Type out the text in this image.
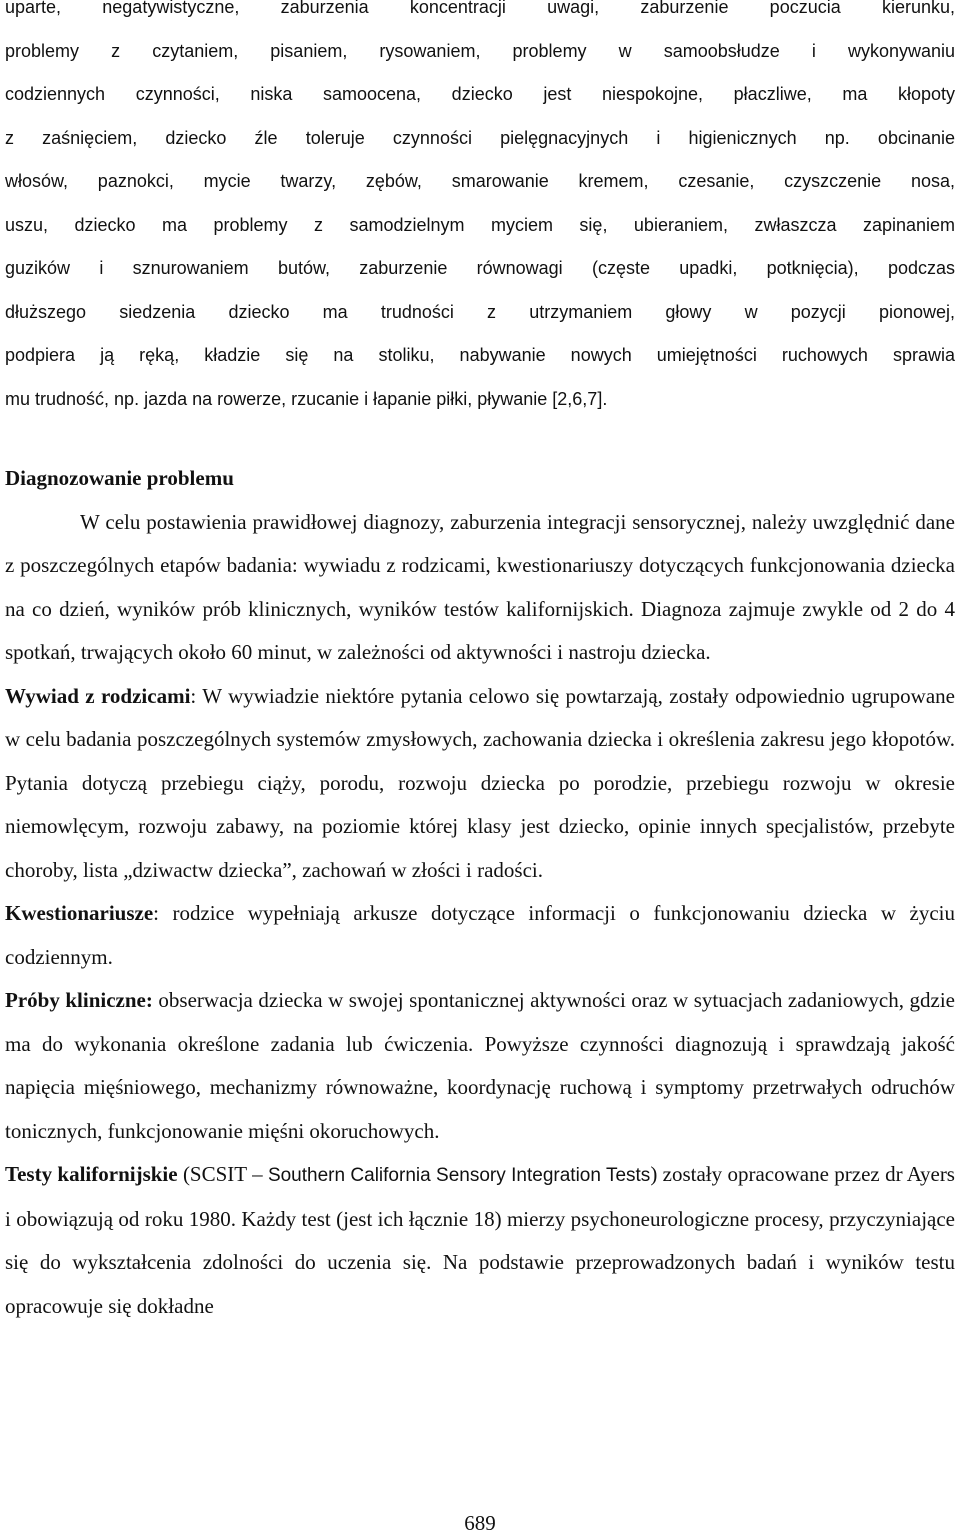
uparte, negatywistyczne, zaburzenia koncentracji uwagi, zaburzenie poczucia kierunku,
problemy z czytaniem, pisaniem, rysowaniem, problemy w samoobsłudze i wykonywaniu
codziennych czynności, niska samoocena, dziecko jest niespokojne, płaczliwe, ma kłopoty
z zaśnięciem, dziecko źle toleruje czynności pielęgnacyjnych i higienicznych np. obcinanie
włosów, paznokci, mycie twarzy, zębów, smarowanie kremem, czesanie, czyszczenie nosa,
uszu, dziecko ma problemy z samodzielnym myciem się, ubieraniem, zwłaszcza zapinaniem
guzików i sznurowaniem butów, zaburzenie równowagi (częste upadki, potknięcia), podczas
dłuższego siedzenia dziecko ma trudności z utrzymaniem głowy w pozycji pionowej,
podpiera ją ręką, kładzie się na stoliku, nabywanie nowych umiejętności ruchowych sprawia
mu trudność, np. jazda na rowerze, rzucanie i łapanie piłki, pływanie [2,6,7].

Diagnozowanie problemu

W celu postawienia prawidłowej diagnozy, zaburzenia integracji sensorycznej, należy uwzględnić dane z poszczególnych etapów badania: wywiadu z rodzicami, kwestionariuszy dotyczących funkcjonowania dziecka na co dzień, wyników prób klinicznych, wyników testów kalifornijskich. Diagnoza zajmuje zwykle od 2 do 4 spotkań, trwających około 60 minut, w zależności od aktywności i nastroju dziecka.

Wywiad z rodzicami: W wywiadzie niektóre pytania celowo się powtarzają, zostały odpowiednio ugrupowane w celu badania poszczególnych systemów zmysłowych, zachowania dziecka i określenia zakresu jego kłopotów. Pytania dotyczą przebiegu ciąży, porodu, rozwoju dziecka po porodzie, przebiegu rozwoju w okresie niemowlęcym, rozwoju zabawy, na poziomie której klasy jest dziecko, opinie innych specjalistów, przebyte choroby, lista „dziwactw dziecka”, zachowań w złości i radości.

Kwestionariusze: rodzice wypełniają arkusze dotyczące informacji o funkcjonowaniu dziecka w życiu codziennym.

Próby kliniczne: obserwacja dziecka w swojej spontanicznej aktywności oraz w sytuacjach zadaniowych, gdzie ma do wykonania określone zadania lub ćwiczenia. Powyższe czynności diagnozują i sprawdzają jakość napięcia mięśniowego, mechanizmy równoważne, koordynację ruchową i symptomy przetrwałych odruchów tonicznych, funkcjonowanie mięśni okoruchowych.

Testy kalifornijskie (SCSIT – Southern California Sensory Integration Tests) zostały opracowane przez dr Ayers i obowiązują od roku 1980. Każdy test (jest ich łącznie 18) mierzy psychoneurologiczne procesy, przyczyniające się do wykształcenia zdolności do uczenia się. Na podstawie przeprowadzonych badań i wyników testu opracowuje się dokładne

689
